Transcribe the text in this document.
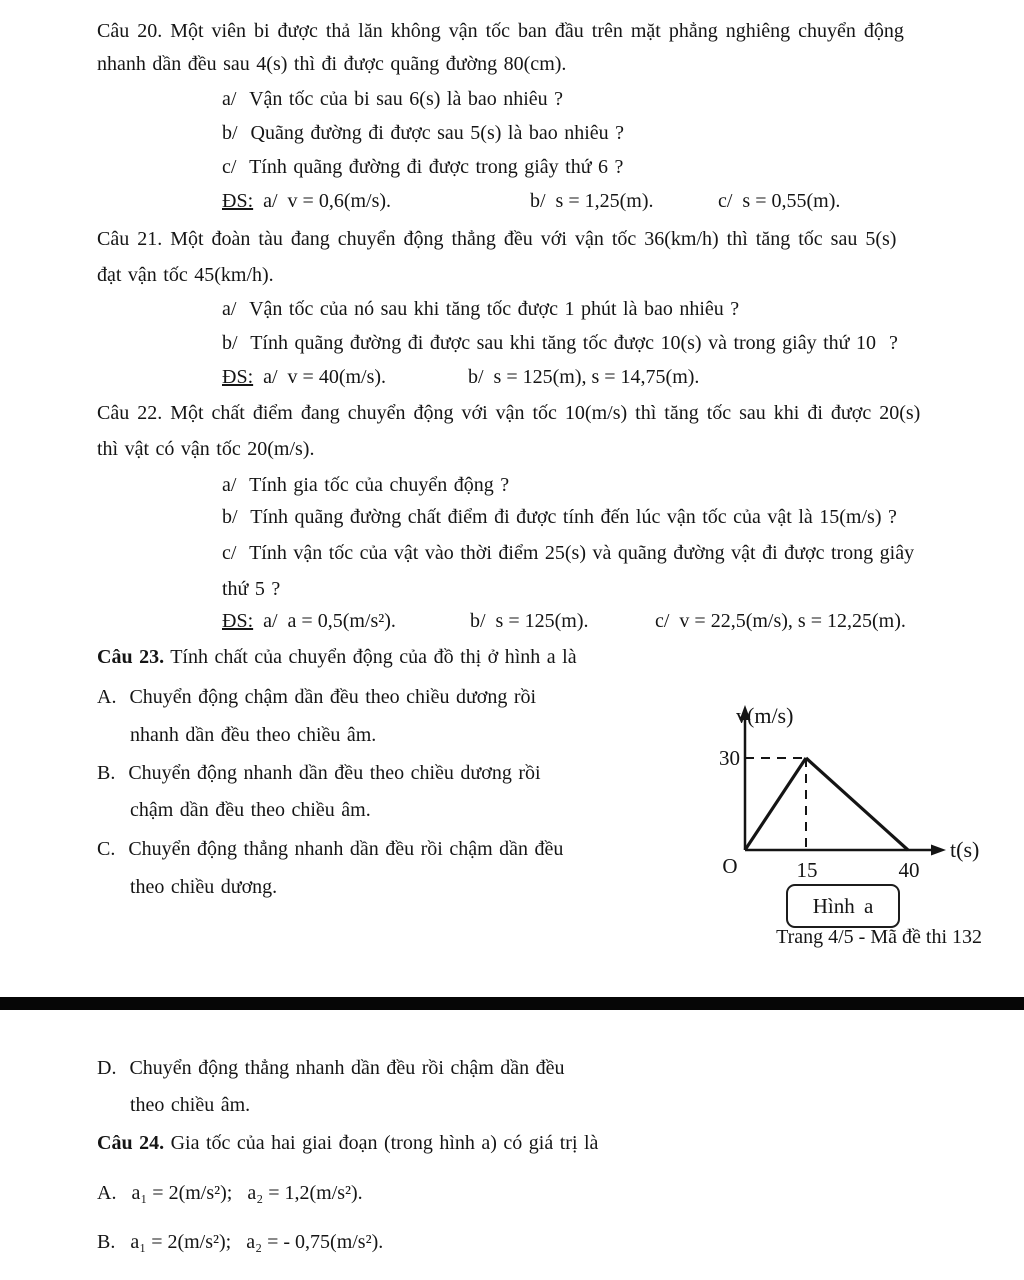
Câu 20. Một viên bi được thả lăn không vận tốc ban đầu trên mặt phẳng nghiêng chuyển động
nhanh dần đều sau 4(s) thì đi được quãng đường 80(cm).
a/  Vận tốc của bi sau 6(s) là bao nhiêu ?
b/  Quãng đường đi được sau 5(s) là bao nhiêu ?
c/  Tính quãng đường đi được trong giây thứ 6 ?
ĐS:  a/  v = 0,6(m/s).	b/  s = 1,25(m).	c/  s = 0,55(m).
Câu 21. Một đoàn tàu đang chuyển động thẳng đều với vận tốc 36(km/h) thì tăng tốc sau 5(s)
đạt vận tốc 45(km/h).
a/  Vận tốc của nó sau khi tăng tốc được 1 phút là bao nhiêu ?
b/  Tính quãng đường đi được sau khi tăng tốc được 10(s) và trong giây thứ 10  ?
ĐS:  a/  v = 40(m/s).	b/  s = 125(m), s = 14,75(m).
Câu 22. Một chất điểm đang chuyển động với vận tốc 10(m/s) thì tăng tốc sau khi đi được 20(s)
thì vật có vận tốc 20(m/s).
a/  Tính gia tốc của chuyển động ?
b/  Tính quãng đường chất điểm đi được tính đến lúc vận tốc của vật là 15(m/s) ?
c/  Tính vận tốc của vật vào thời điểm 25(s) và quãng đường vật đi được trong giây
thứ 5 ?
ĐS:  a/  a = 0,5(m/s²).	b/  s = 125(m).	c/  v = 22,5(m/s), s = 12,25(m).
Câu 23. Tính chất của chuyển động của đồ thị ở hình a là
A.  Chuyển động chậm dần đều theo chiều dương rồi
nhanh dần đều theo chiều âm.
B.  Chuyển động nhanh dần đều theo chiều dương rồi
chậm dần đều theo chiều âm.
C.  Chuyển động thẳng nhanh dần đều rồi chậm dần đều
theo chiều dương.
v(m/s)
30
O	15	40
t(s)
Hình a
Trang 4/5 - Mã đề thi 132
D.  Chuyển động thẳng nhanh dần đều rồi chậm dần đều
theo chiều âm.
Câu 24. Gia tốc của hai giai đoạn (trong hình a) có giá trị là
A.   a₁ = 2(m/s²);   a₂ = 1,2(m/s²).
B.   a₁ = 2(m/s²);   a₂ = - 0,75(m/s²).
